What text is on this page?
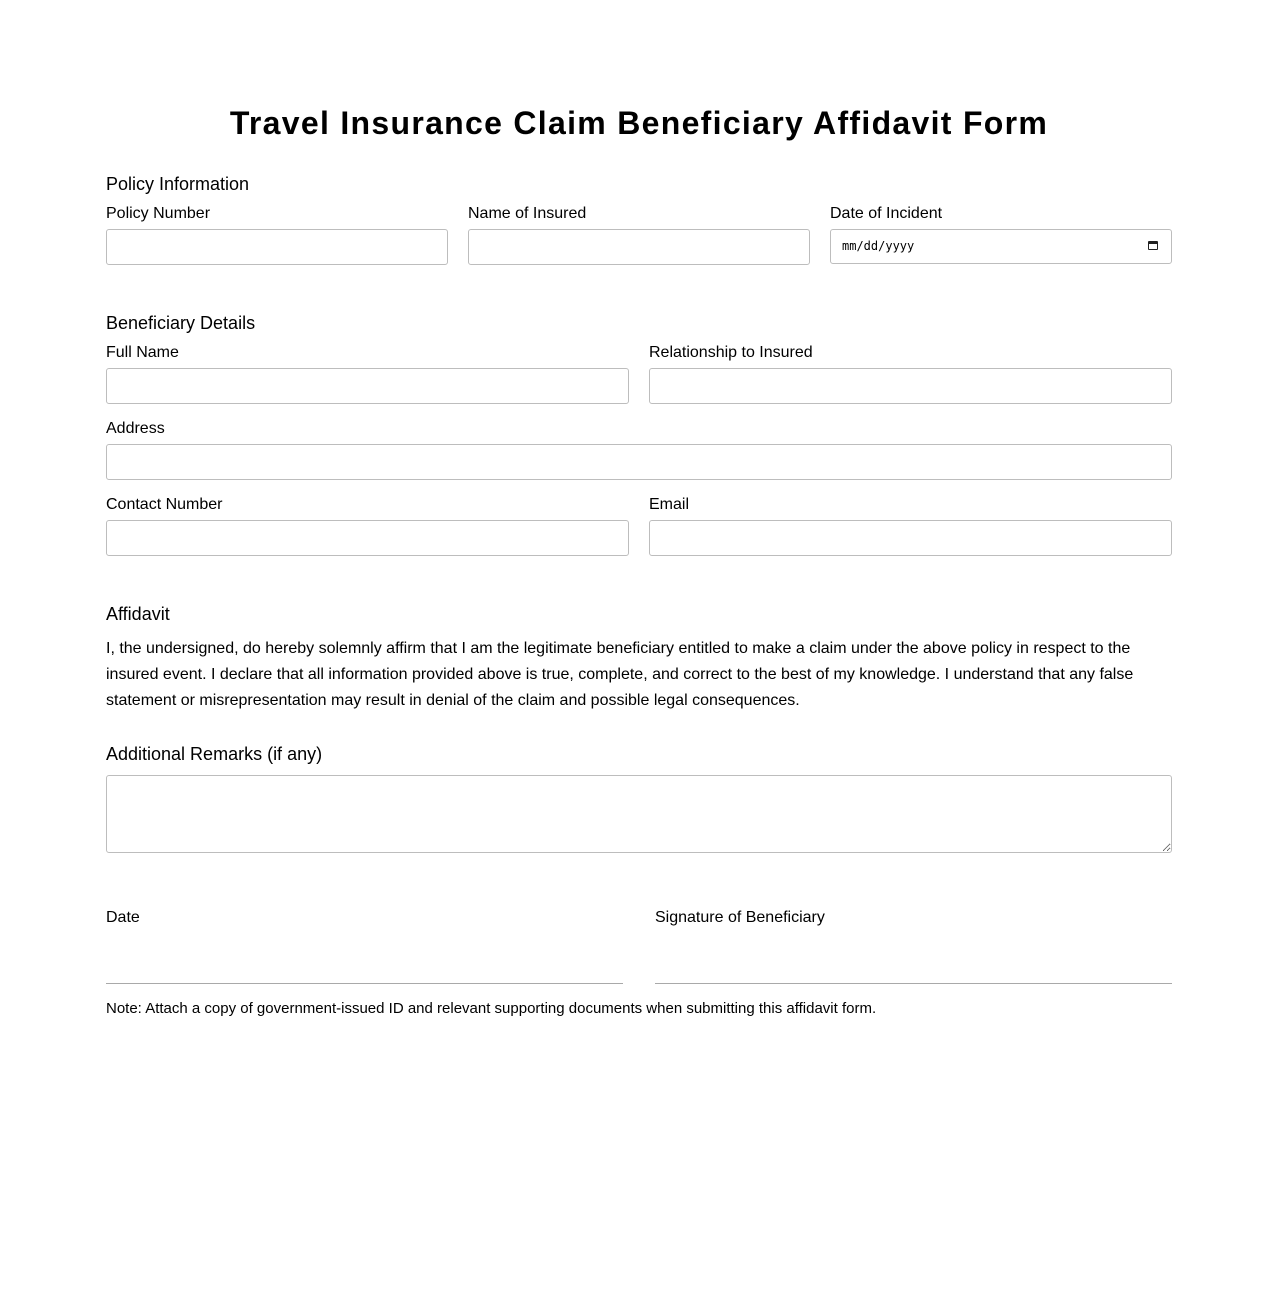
Travel Insurance Claim Beneficiary Affidavit Form
Policy Information
Policy Number	Name of Insured	Date of Incident
mm/dd/yyyy
Beneficiary Details
Full Name	Relationship to Insured
Address
Contact Number	Email
Affidavit

I, the undersigned, do hereby solemnly affirm that I am the legitimate beneficiary entitled to make a claim under the above policy in respect to the insured event. I declare that all information provided above is true, complete, and correct to the best of my knowledge. I understand that any false statement or misrepresentation may result in denial of the claim and possible legal consequences.

Additional Remarks (if any)
Date	Signature of Beneficiary
Note: Attach a copy of government-issued ID and relevant supporting documents when submitting this affidavit form.
